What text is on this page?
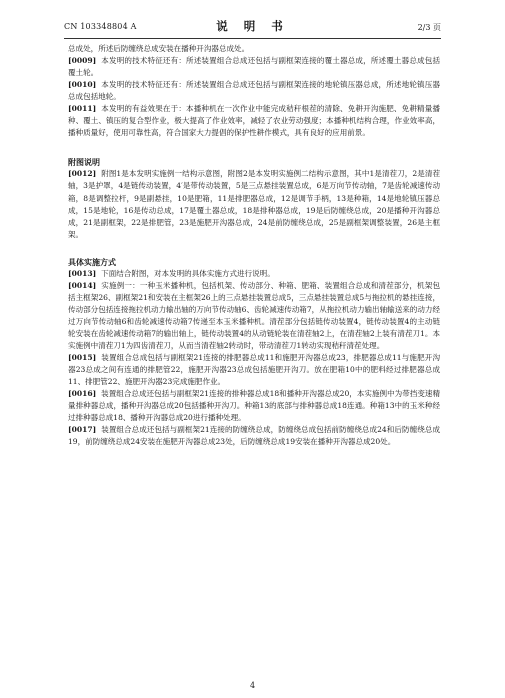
CN 103348804 A	说 明 书	2/3 页

总成处，所述后防缠绕总成安装在播种开沟器总成处。

[0009] 本发明的技术特征还有：所述装置组合总成还包括与副框架连接的覆土器总成，所述覆土器总成包括覆土轮。

[0010] 本发明的技术特征还有：所述装置组合总成还包括与副框架连接的地轮镇压器总成，所述地轮镇压器总成包括地轮。

[0011] 本发明的有益效果在于：本播种机在一次作业中能完成秸秆根茬的清除、免耕开沟施肥、免耕精量播种、覆土、镇压的复合型作业，极大提高了作业效率，减轻了农业劳动强度；本播种机结构合理，作业效率高，播种质量好，使用可靠性高，符合国家大力提倡的保护性耕作模式，具有良好的应用前景。

附图说明

[0012] 附图1是本发明实施例一结构示意图，附图2是本发明实施例二结构示意图，其中1是清茬刀，2是清茬轴，3是护罩，4是链传动装置，4′是带传动装置，5是三点悬挂装置总成，6是万向节传动轴，7是齿轮减速传动箱，8是调整拉杆，9是副悬挂，10是肥箱，11是排肥器总成，12是调节手柄，13是种箱，14是地轮镇压器总成，15是地轮，16是传动总成，17是覆土器总成，18是排种器总成，19是后防缠绕总成，20是播种开沟器总成，21是副框架，22是排肥管，23是施肥开沟器总成，24是前防缠绕总成，25是副框架调整装置，26是主框架。

具体实施方式

[0013] 下面结合附图，对本发明的具体实施方式进行说明。

[0014] 实施例一：一种玉米播种机，包括机架、传动部分、种箱、肥箱、装置组合总成和清茬部分，机架包括主框架26、副框架21和安装在主框架26上的三点悬挂装置总成5，三点悬挂装置总成5与拖拉机的悬挂连接，传动部分包括连接拖拉机动力输出轴的万向节传动轴6、齿轮减速传动箱7，从拖拉机动力输出轴输送来的动力经过万向节传动轴6和齿轮减速传动箱7传递至本玉米播种机。清茬部分包括链传动装置4，链传动装置4的主动链轮安装在齿轮减速传动箱7的输出轴上，链传动装置4的从动链轮装在清茬轴2上，在清茬轴2上装有清茬刀1。本实施例中清茬刀1为四齿清茬刀，从而当清茬轴2转动时，带动清茬刀1转动实现秸秆清茬处理。

[0015] 装置组合总成包括与副框架21连接的排肥器总成11和施肥开沟器总成23，排肥器总成11与施肥开沟器23总成之间有连通的排肥管22，施肥开沟器23总成包括施肥开沟刀。放在肥箱10中的肥料经过排肥器总成11、排肥管22、施肥开沟器23完成施肥作业。

[0016] 装置组合总成还包括与副框架21连接的排种器总成18和播种开沟器总成20，本实施例中为带挡变速精量排种器总成，播种开沟器总成20包括播种开沟刀。种箱13的底部与排种器总成18连通。种箱13中的玉米种经过排种器总成18、播种开沟器总成20进行播种处理。

[0017] 装置组合总成还包括与副框架21连接的防缠绕总成，防缠绕总成包括前防缠绕总成24和后防缠绕总成19，前防缠绕总成24安装在施肥开沟器总成23处，后防缠绕总成19安装在播种开沟器总成20处。

4
